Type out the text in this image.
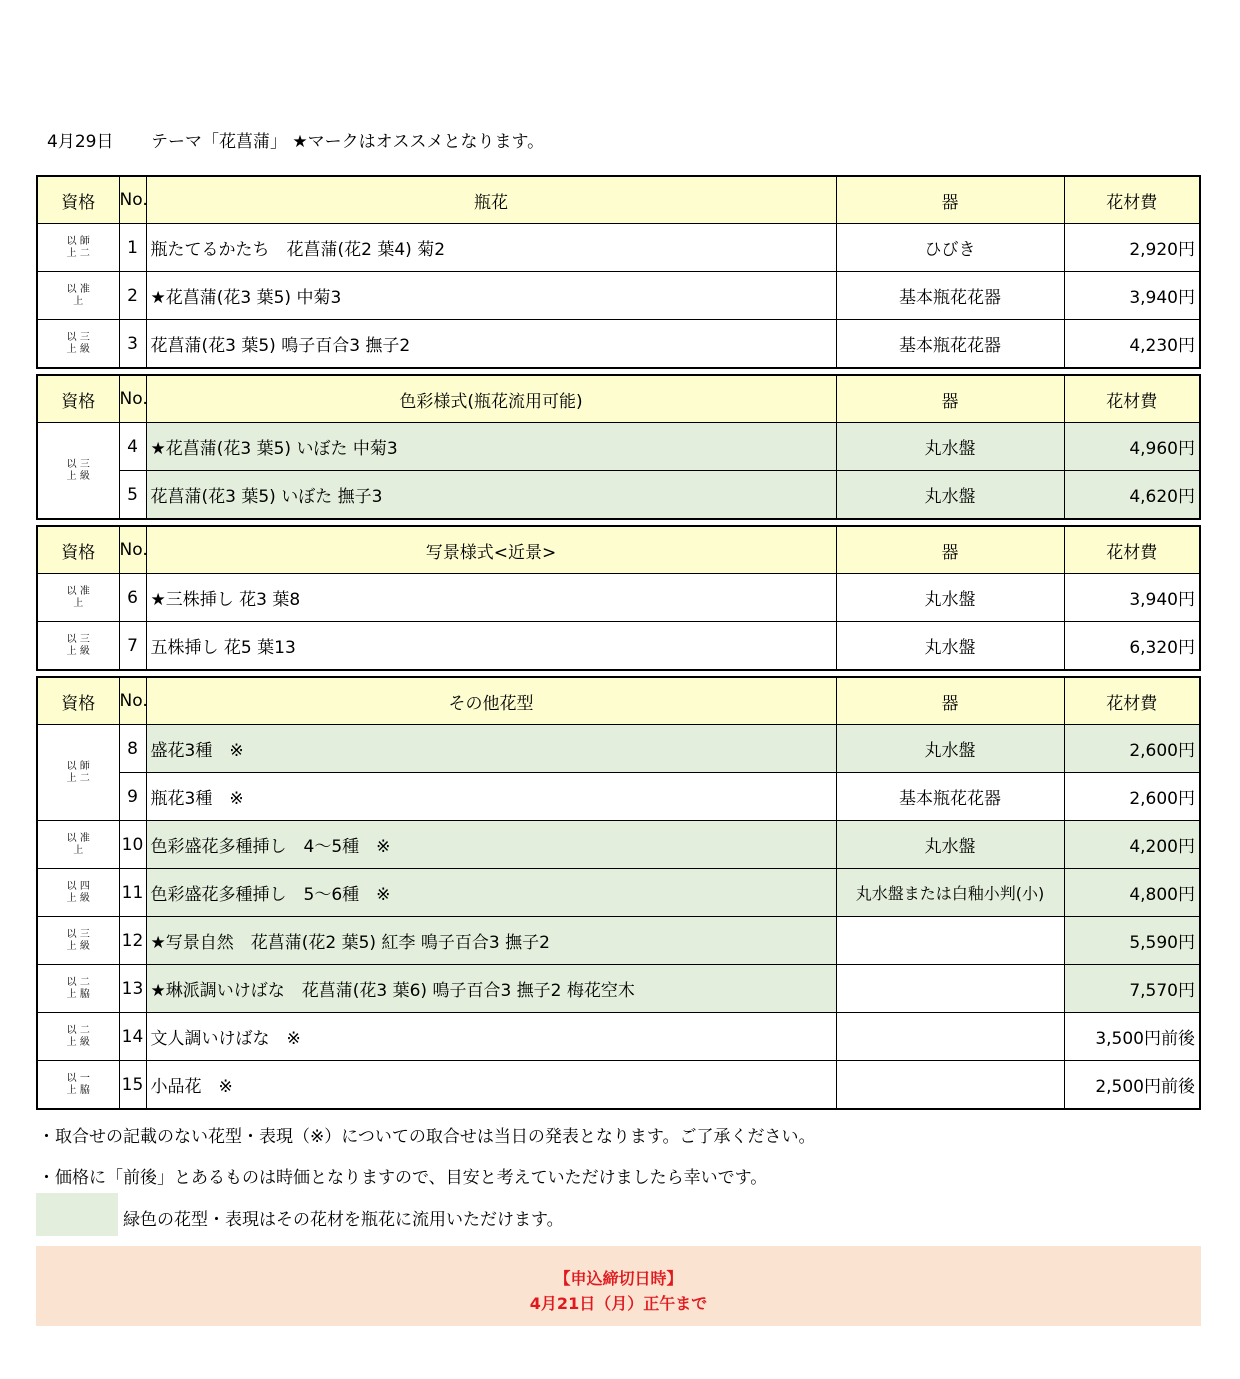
4月29日 テーマ「花菖蒲」 ★マークはオススメとなります。
資格	No.	瓶花	器	花材費

以 師
上 二	1	瓶たてるかたち　花菖蒲(花2 葉4) 菊2	ひびき	2,920円

以 准
上	2	★花菖蒲(花3 葉5) 中菊3	基本瓶花花器	3,940円

以 三
上 級	3	花菖蒲(花3 葉5) 鳴子百合3 撫子2	基本瓶花花器	4,230円
資格	No.	色彩様式(瓶花流用可能)	器	花材費

以 三
上 級	4	★花菖蒲(花3 葉5) いぼた 中菊3	丸水盤	4,960円
	5	花菖蒲(花3 葉5) いぼた 撫子3	丸水盤	4,620円
資格	No.	写景様式<近景>	器	花材費

以 准
上	6	★三株挿し 花3 葉8	丸水盤	3,940円

以 三
上 級	7	五株挿し 花5 葉13	丸水盤	6,320円
資格	No.	その他花型	器	花材費

以 師
上 二	8	盛花3種　※	丸水盤	2,600円
	9	瓶花3種　※	基本瓶花花器	2,600円

以 准
上	10	色彩盛花多種挿し　4～5種　※	丸水盤	4,200円

以 四
上 級	11	色彩盛花多種挿し　5～6種　※	丸水盤または白釉小判(小)	4,800円

以 三
上 級	12	★写景自然　花菖蒲(花2 葉5) 紅李 鳴子百合3 撫子2		5,590円

以 二
上 脇	13	★琳派調いけばな　花菖蒲(花3 葉6) 鳴子百合3 撫子2 梅花空木		7,570円

以 二
上 級	14	文人調いけばな　※		3,500円前後

以 一
上 脇	15	小品花　※		2,500円前後
・取合せの記載のない花型・表現（※）についての取合せは当日の発表となります。ご了承ください。
・価格に「前後」とあるものは時価となりますので、目安と考えていただけましたら幸いです。
緑色の花型・表現はその花材を瓶花に流用いただけます。
【申込締切日時】
4月21日（月）正午まで
